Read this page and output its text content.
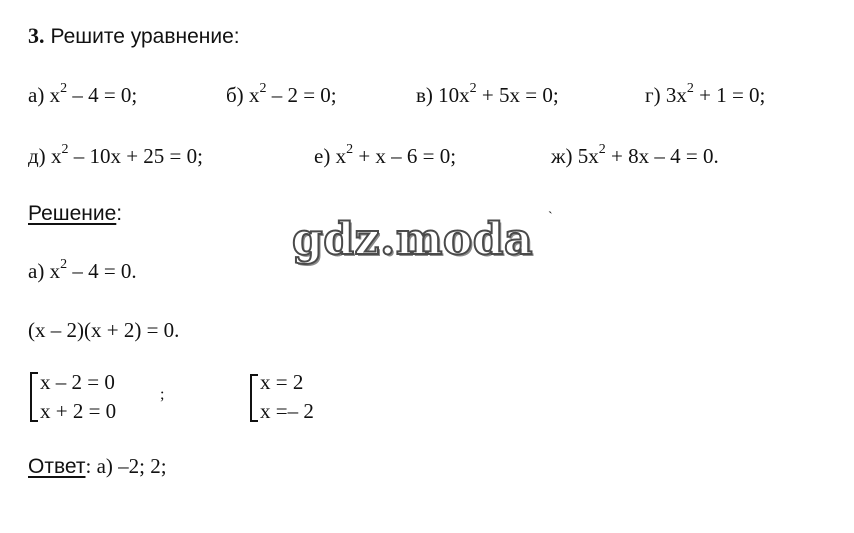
3. Решите уравнение:
а) $x^2 - 4 = 0$;	б) $x^2 - 2 = 0$;	в) $10x^2 + 5x = 0$;	г) $3x^2 + 1 = 0$;
д) $x^2 - 10x + 25 = 0$;	е) $x^2 + x - 6 = 0$;	ж) $5x^2 + 8x - 4 = 0$.
Решение:
gdz.moda `
а) $x^2 - 4 = 0$.
(x – 2)(x + 2) = 0.
x – 2 = 0
x + 2 = 0
;
x = 2
x =– 2
Ответ: а) –2; 2;
